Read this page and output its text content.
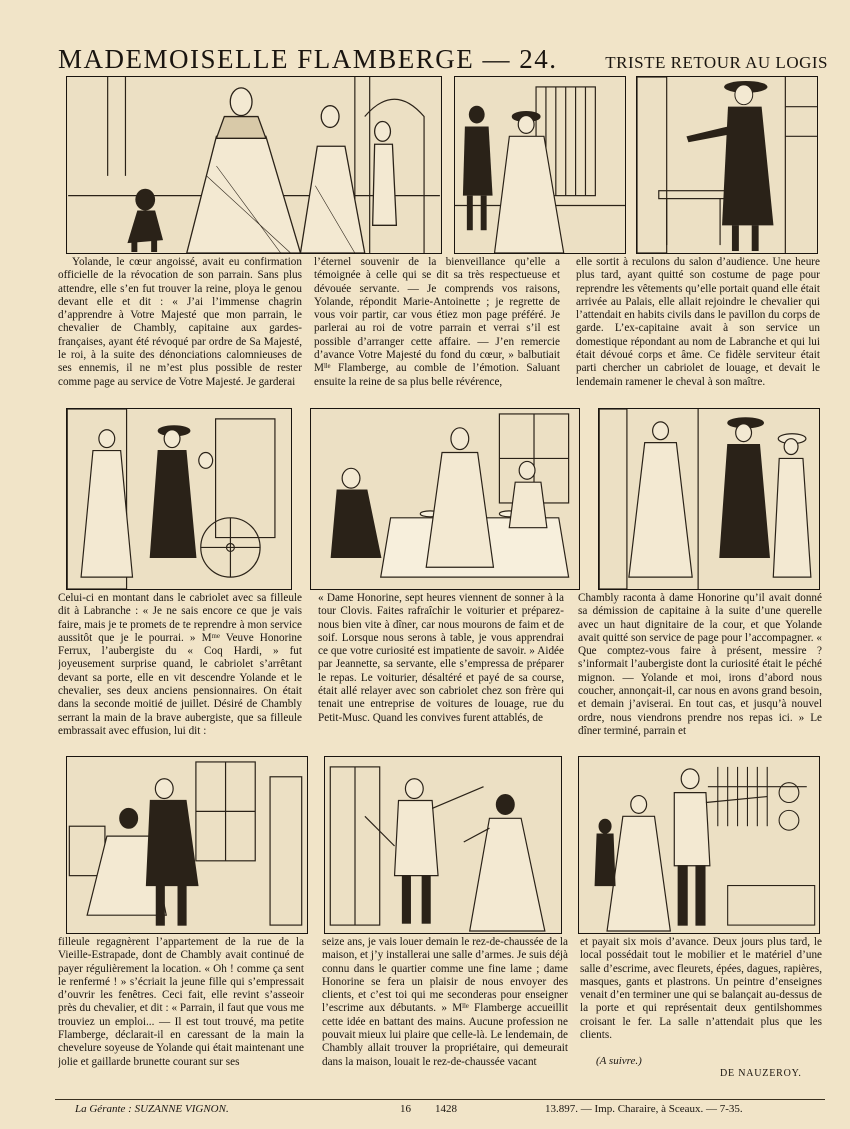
MADEMOISELLE FLAMBERGE — 24.	TRISTE RETOUR AU LOGIS

Yolande, le cœur angoissé, avait eu confirmation officielle de la révocation de son parrain. Sans plus attendre, elle s’en fut trouver la reine, ploya le genou devant elle et dit : « J’ai l’immense chagrin d’apprendre à Votre Majesté que mon parrain, le chevalier de Chambly, capitaine aux gardes-françaises, ayant été révoqué par ordre de Sa Majesté, le roi, à la suite des dénonciations calomnieuses de ses ennemis, il ne m’est plus possible de rester comme page au service de Votre Majesté. Je garderai

l’éternel souvenir de la bienveillance qu’elle a témoignée à celle qui se dit sa très respectueuse et dévouée servante. — Je comprends vos raisons, Yolande, répondit Marie-Antoinette ; je regrette de vous voir partir, car vous étiez mon page préféré. Je parlerai au roi de votre parrain et verrai s’il est possible d’arranger cette affaire. — J’en remercie d’avance Votre Majesté du fond du cœur, » balbutiait Mˡˡᵉ Flamberge, au comble de l’émotion. Saluant ensuite la reine de sa plus belle révérence,

elle sortit à reculons du salon d’audience. Une heure plus tard, ayant quitté son costume de page pour reprendre les vêtements qu’elle portait quand elle était arrivée au Palais, elle allait rejoindre le chevalier qui l’attendait en habits civils dans le pavillon du corps de garde. L’ex-capitaine avait à son service un domestique répondant au nom de Labranche et qui lui était dévoué corps et âme. Ce fidèle serviteur était parti chercher un cabriolet de louage, et devait le lendemain ramener le cheval à son maître.

Celui-ci en montant dans le cabriolet avec sa filleule dit à Labranche : « Je ne sais encore ce que je vais faire, mais je te promets de te reprendre à mon service aussitôt que je le pourrai. » Mᵐᵉ Veuve Honorine Ferrux, l’aubergiste du « Coq Hardi, » fut joyeusement surprise quand, le cabriolet s’arrêtant devant sa porte, elle en vit descendre Yolande et le chevalier, ses deux anciens pensionnaires. On était dans la seconde moitié de juillet. Désiré de Chambly serrant la main de la brave aubergiste, que sa filleule embrassait avec effusion, lui dit :

« Dame Honorine, sept heures viennent de sonner à la tour Clovis. Faites rafraîchir le voiturier et préparez-nous bien vite à dîner, car nous mourons de faim et de soif. Lorsque nous serons à table, je vous apprendrai ce que votre curiosité est impatiente de savoir. » Aidée par Jeannette, sa servante, elle s’empressa de préparer le repas. Le voiturier, désaltéré et payé de sa course, était allé relayer avec son cabriolet chez son frère qui tenait une entreprise de voitures de louage, rue du Petit-Musc. Quand les convives furent attablés, de

Chambly raconta à dame Honorine qu’il avait donné sa démission de capitaine à la suite d’une querelle avec un haut dignitaire de la cour, et que Yolande avait quitté son service de page pour l’accompagner. « Que comptez-vous faire à présent, messire ? s’informait l’aubergiste dont la curiosité était le péché mignon. — Yolande et moi, irons d’abord nous coucher, annonçait-il, car nous en avons grand besoin, et demain j’aviserai. En tout cas, et jusqu’à nouvel ordre, nous viendrons prendre nos repas ici. » Le dîner terminé, parrain et

filleule regagnèrent l’appartement de la rue de la Vieille-Estrapade, dont de Chambly avait continué de payer régulièrement la location. « Oh ! comme ça sent le renfermé ! » s’écriait la jeune fille qui s’empressait d’ouvrir les fenêtres. Ceci fait, elle revint s’asseoir près du chevalier, et dit : « Parrain, il faut que vous me trouviez un emploi... — Il est tout trouvé, ma petite Flamberge, déclarait-il en caressant de la main la chevelure soyeuse de Yolande qui était maintenant une jolie et gaillarde brunette courant sur ses

seize ans, je vais louer demain le rez-de-chaussée de la maison, et j’y installerai une salle d’armes. Je suis déjà connu dans le quartier comme une fine lame ; dame Honorine se fera un plaisir de nous envoyer des clients, et c’est toi qui me seconderas pour enseigner l’escrime aux débutants. » Mˡˡᵉ Flamberge accueillit cette idée en battant des mains. Aucune profession ne pouvait mieux lui plaire que celle-là. Le lendemain, de Chambly allait trouver la propriétaire, qui demeurait dans la maison, louait le rez-de-chaussée vacant

et payait six mois d’avance. Deux jours plus tard, le local possédait tout le mobilier et le matériel d’une salle d’escrime, avec fleurets, épées, dagues, rapières, masques, gants et plastrons. Un peintre d’enseignes venait d’en terminer une qui se balançait au-dessus de la porte et qui représentait deux gentilshommes croisant le fer. La salle n’attendait plus que les clients.

(A suivre.)
DE NAUZEROY.
La Gérante : SUZANNE VIGNON.	16 1428	13.897. — Imp. Charaire, à Sceaux. — 7-35.
